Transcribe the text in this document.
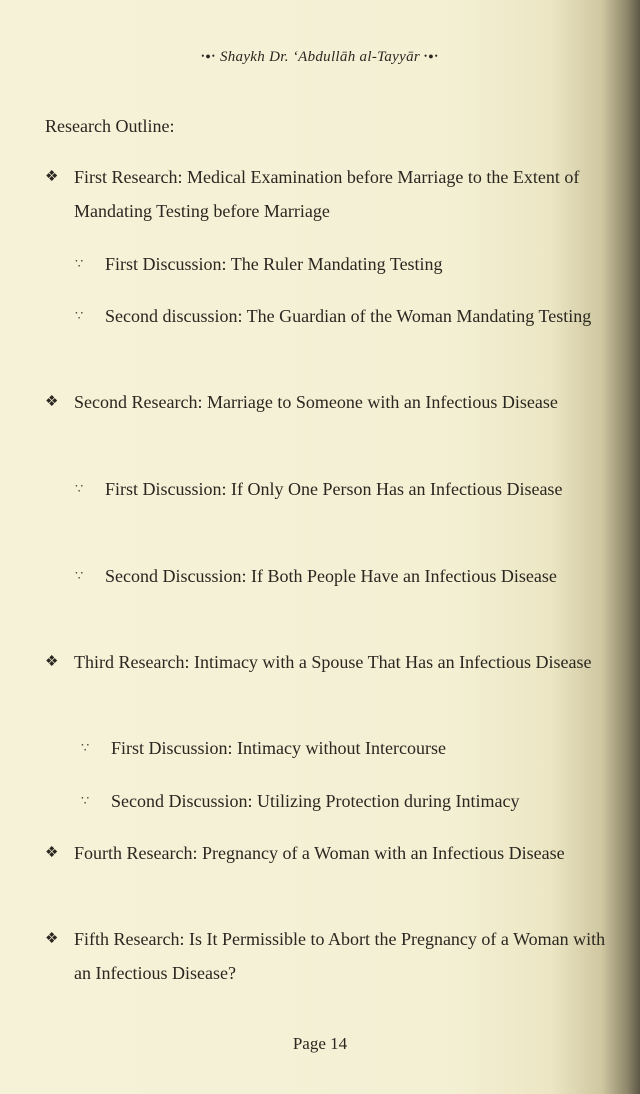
•●• Shaykh Dr. ‘Abdullāh al-Tayyār •●•
Research Outline:
❖ First Research: Medical Examination before Marriage to the Extent of Mandating Testing before Marriage
∵ First Discussion: The Ruler Mandating Testing
∵ Second discussion: The Guardian of the Woman Mandating Testing
❖ Second Research: Marriage to Someone with an Infectious Disease
∵ First Discussion: If Only One Person Has an Infectious Disease
∵ Second Discussion: If Both People Have an Infectious Disease
❖ Third Research: Intimacy with a Spouse That Has an Infectious Disease
∵ First Discussion: Intimacy without Intercourse
∵ Second Discussion: Utilizing Protection during Intimacy
❖ Fourth Research: Pregnancy of a Woman with an Infectious Disease
❖ Fifth Research: Is It Permissible to Abort the Pregnancy of a Woman with an Infectious Disease?
Page 14
